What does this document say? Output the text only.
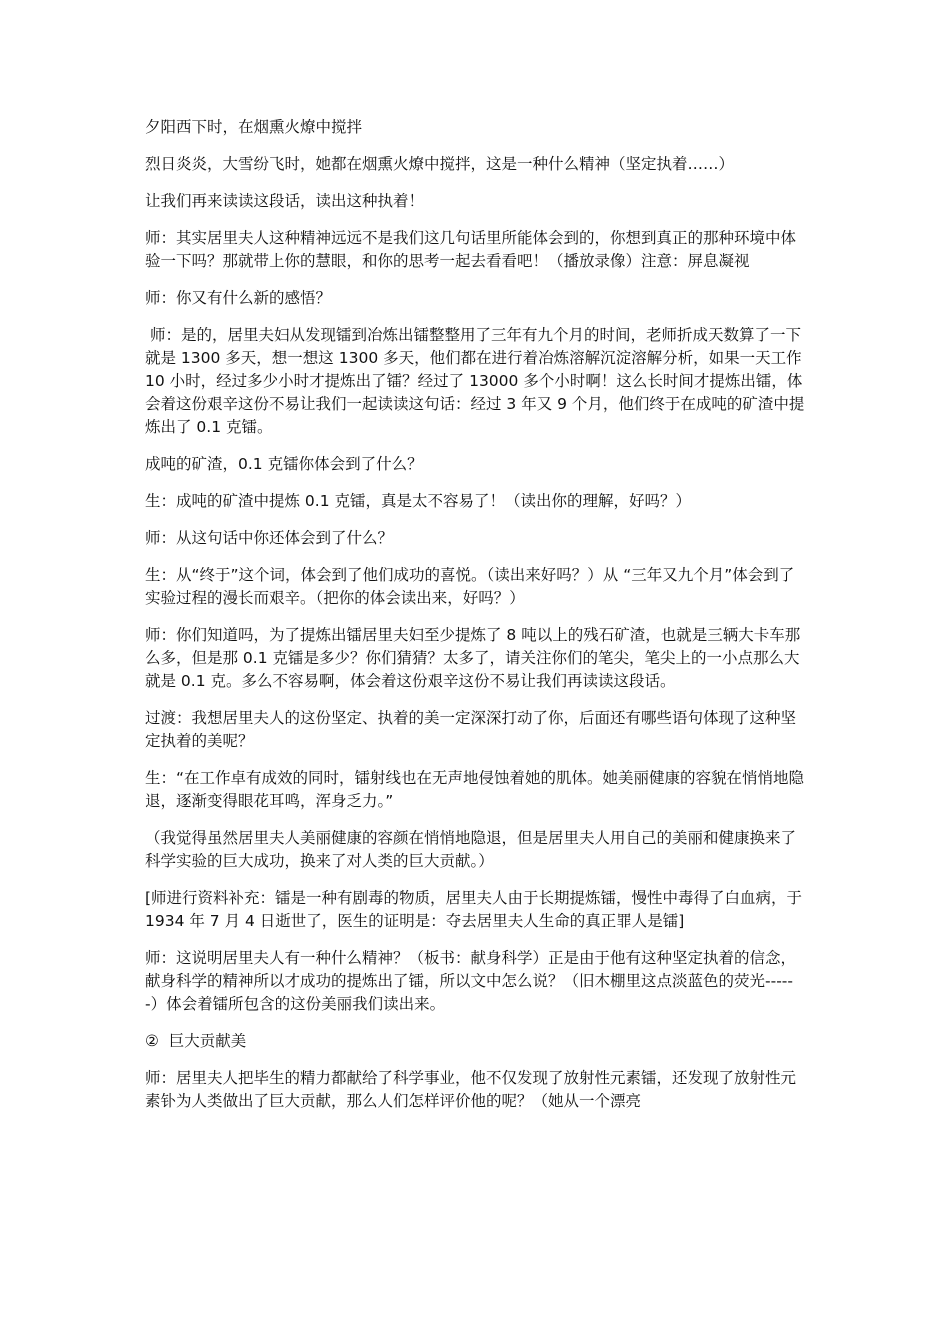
夕阳西下时，在烟熏火燎中搅拌

烈日炎炎，大雪纷飞时，她都在烟熏火燎中搅拌，这是一种什么精神（坚定执着……）

让我们再来读读这段话，读出这种执着！

师：其实居里夫人这种精神远远不是我们这几句话里所能体会到的，你想到真正的那种环境中体验一下吗？那就带上你的慧眼，和你的思考一起去看看吧！（播放录像）注意：屏息凝视

师：你又有什么新的感悟？

师：是的，居里夫妇从发现镭到冶炼出镭整整用了三年有九个月的时间，老师折成天数算了一下就是 1300 多天，想一想这 1300 多天，他们都在进行着冶炼溶解沉淀溶解分析，如果一天工作 10 小时，经过多少小时才提炼出了镭？经过了 13000 多个小时啊！这么长时间才提炼出镭，体会着这份艰辛这份不易让我们一起读读这句话：经过 3 年又 9 个月，他们终于在成吨的矿渣中提炼出了 0.1 克镭。

成吨的矿渣，0.1 克镭你体会到了什么？

生：成吨的矿渣中提炼 0.1 克镭，真是太不容易了！（读出你的理解，好吗？）

师：从这句话中你还体会到了什么？

生：从“终于”这个词，体会到了他们成功的喜悦。（读出来好吗？）从 “三年又九个月”体会到了实验过程的漫长而艰辛。（把你的体会读出来，好吗？）

师：你们知道吗，为了提炼出镭居里夫妇至少提炼了 8 吨以上的残石矿渣，也就是三辆大卡车那么多，但是那 0.1 克镭是多少？你们猜猜？太多了，请关注你们的笔尖，笔尖上的一小点那么大就是 0.1 克。多么不容易啊，体会着这份艰辛这份不易让我们再读读这段话。

过渡：我想居里夫人的这份坚定、执着的美一定深深打动了你，后面还有哪些语句体现了这种坚定执着的美呢？

生：“在工作卓有成效的同时，镭射线也在无声地侵蚀着她的肌体。她美丽健康的容貌在悄悄地隐退，逐渐变得眼花耳鸣，浑身乏力。”

（我觉得虽然居里夫人美丽健康的容颜在悄悄地隐退，但是居里夫人用自己的美丽和健康换来了科学实验的巨大成功，换来了对人类的巨大贡献。）

[师进行资料补充：镭是一种有剧毒的物质，居里夫人由于长期提炼镭，慢性中毒得了白血病，于 1934 年 7 月 4 日逝世了，医生的证明是：夺去居里夫人生命的真正罪人是镭]

师：这说明居里夫人有一种什么精神？（板书：献身科学）正是由于他有这种坚定执着的信念，献身科学的精神所以才成功的提炼出了镭，所以文中怎么说？（旧木棚里这点淡蓝色的荧光------）体会着镭所包含的这份美丽我们读出来。

②  巨大贡献美

师：居里夫人把毕生的精力都献给了科学事业，他不仅发现了放射性元素镭，还发现了放射性元素钋为人类做出了巨大贡献，那么人们怎样评价他的呢？（她从一个漂亮
